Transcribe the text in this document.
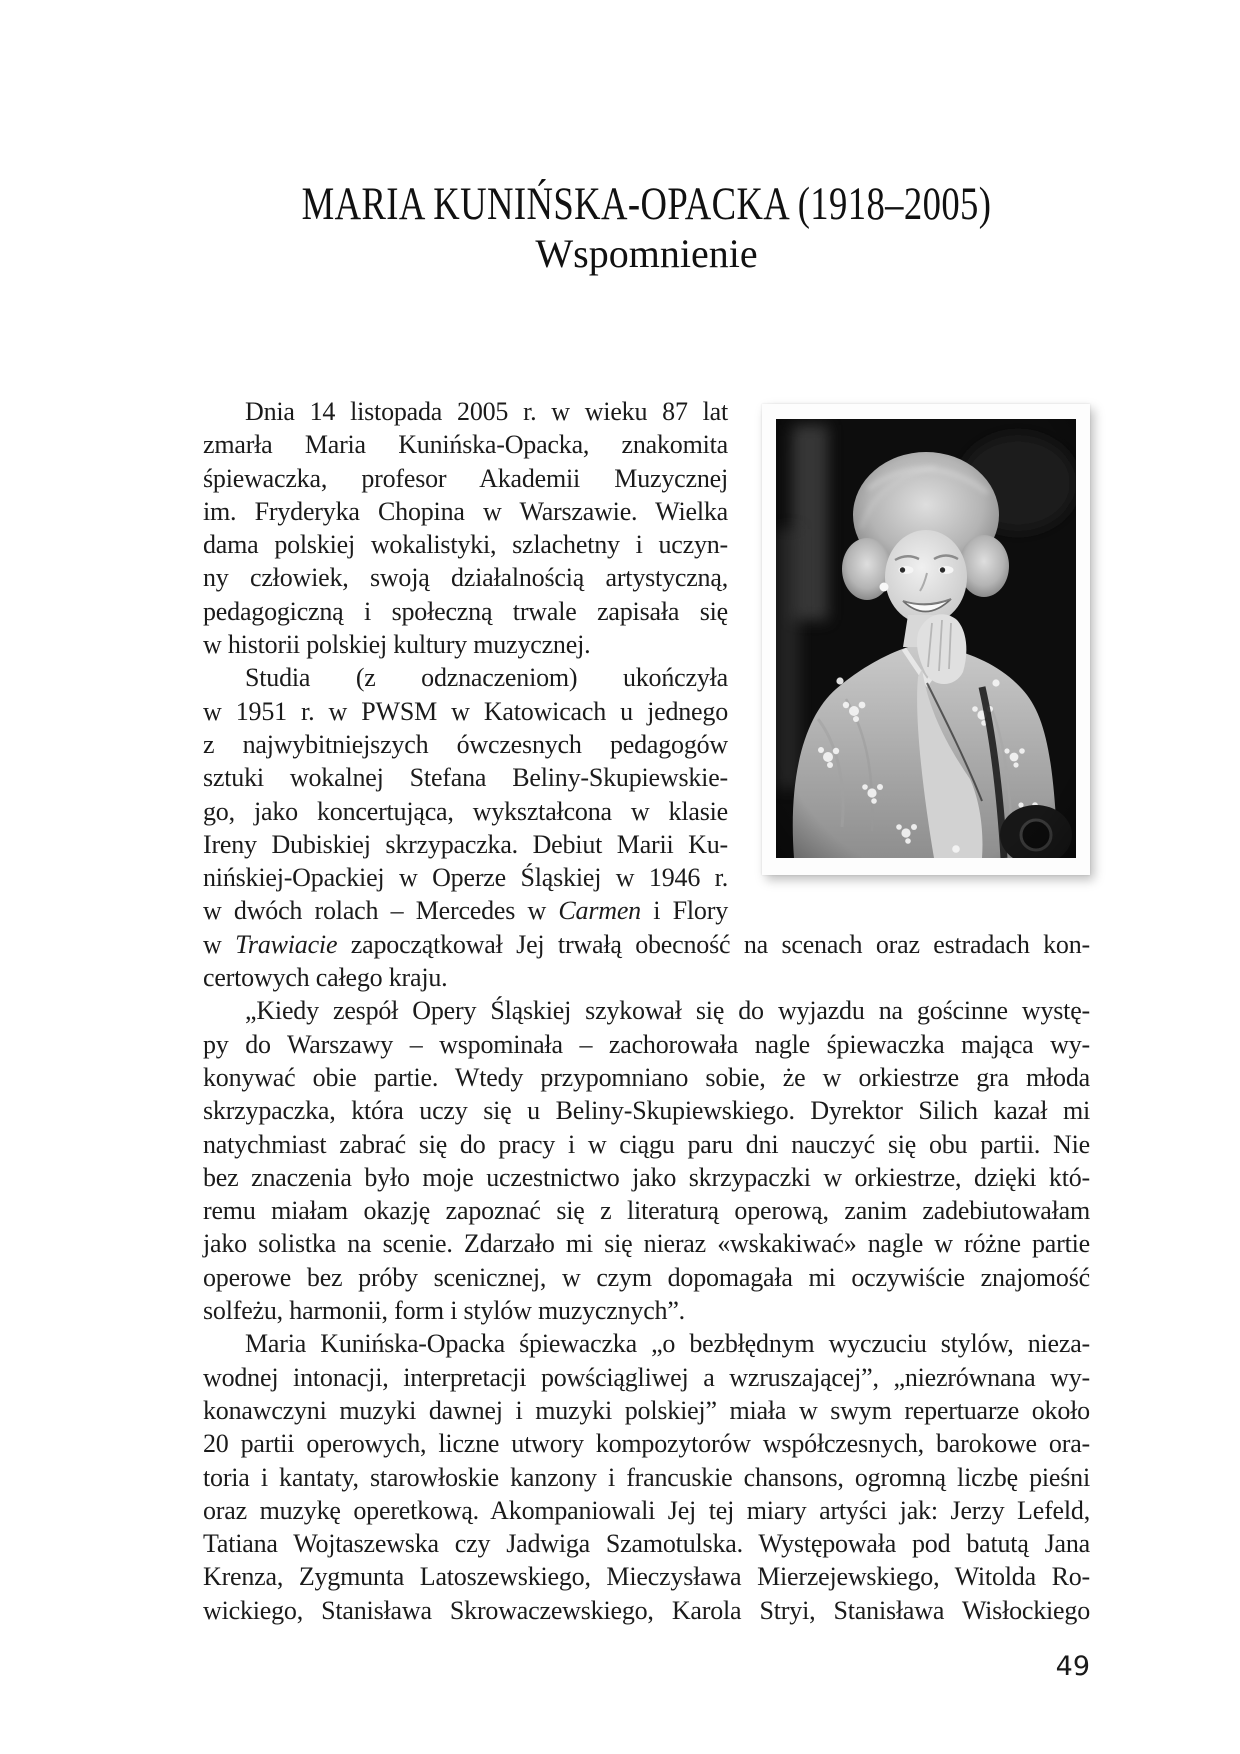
MARIA KUNIŃSKA-OPACKA (1918–2005)
Wspomnienie
Dnia 14 listopada 2005 r. w wieku 87 lat
zmarła Maria Kunińska-Opacka, znakomita
śpiewaczka, profesor Akademii Muzycznej
im. Fryderyka Chopina w Warszawie. Wielka
dama polskiej wokalistyki, szlachetny i uczyn-
ny człowiek, swoją działalnością artystyczną,
pedagogiczną i społeczną trwale zapisała się
w historii polskiej kultury muzycznej.
Studia (z odznaczeniom) ukończyła
w 1951 r. w PWSM w Katowicach u jednego
z najwybitniejszych ówczesnych pedagogów
sztuki wokalnej Stefana Beliny-Skupiewskie-
go, jako koncertująca, wykształcona w klasie
Ireny Dubiskiej skrzypaczka. Debiut Marii Ku-
nińskiej-Opackiej w Operze Śląskiej w 1946 r.
w dwóch rolach – Mercedes w Carmen i Flory
w Trawiacie zapoczątkował Jej trwałą obecność na scenach oraz estradach kon-
certowych całego kraju.
„Kiedy zespół Opery Śląskiej szykował się do wyjazdu na gościnne wystę-
py do Warszawy – wspominała – zachorowała nagle śpiewaczka mająca wy-
konywać obie partie. Wtedy przypomniano sobie, że w orkiestrze gra młoda
skrzypaczka, która uczy się u Beliny-Skupiewskiego. Dyrektor Silich kazał mi
natychmiast zabrać się do pracy i w ciągu paru dni nauczyć się obu partii. Nie
bez znaczenia było moje uczestnictwo jako skrzypaczki w orkiestrze, dzięki któ-
remu miałam okazję zapoznać się z literaturą operową, zanim zadebiutowałam
jako solistka na scenie. Zdarzało mi się nieraz «wskakiwać» nagle w różne partie
operowe bez próby scenicznej, w czym dopomagała mi oczywiście znajomość
solfeżu, harmonii, form i stylów muzycznych”.
Maria Kunińska-Opacka śpiewaczka „o bezbłędnym wyczuciu stylów, nieza-
wodnej intonacji, interpretacji powściągliwej a wzruszającej”, „niezrównana wy-
konawczyni muzyki dawnej i muzyki polskiej” miała w swym repertuarze około
20 partii operowych, liczne utwory kompozytorów współczesnych, barokowe ora-
toria i kantaty, starowłoskie kanzony i francuskie chansons, ogromną liczbę pieśni
oraz muzykę operetkową. Akompaniowali Jej tej miary artyści jak: Jerzy Lefeld,
Tatiana Wojtaszewska czy Jadwiga Szamotulska. Występowała pod batutą Jana
Krenza, Zygmunta Latoszewskiego, Mieczysława Mierzejewskiego, Witolda Ro-
wickiego, Stanisława Skrowaczewskiego, Karola Stryi, Stanisława Wisłockiego
49
